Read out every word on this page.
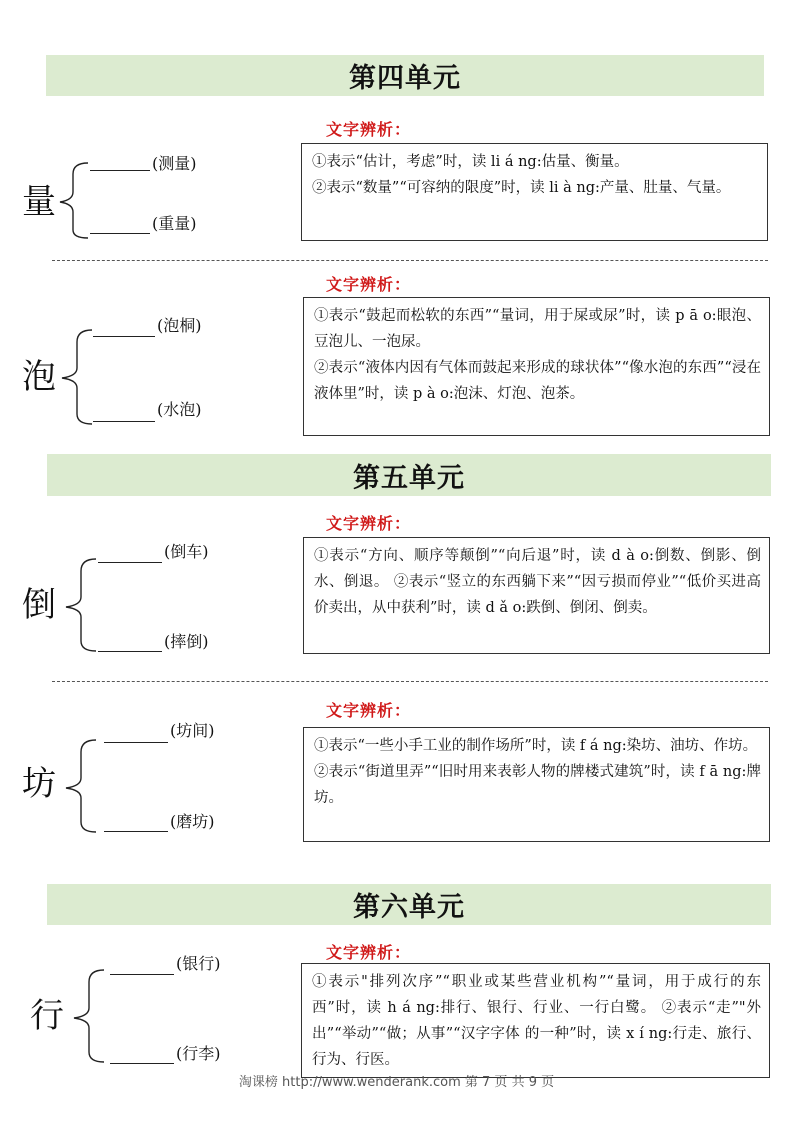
第四单元
第五单元
第六单元
文字辨析：
量
(测量)
(重量)

①表示“估计，考虑”时，读 li á ng:估量、衡量。

②表示“数量”“可容纳的限度”时，读 li à ng:产量、肚量、气量。

文字辨析：
泡
(泡桐)
(水泡)

①表示“鼓起而松软的东西”“量词，用于屎或尿”时，读 p ā o:眼泡、豆泡儿、一泡尿。

②表示“液体内因有气体而鼓起来形成的球状体”“像水泡的东西”“浸在液体里”时，读 p à o:泡沫、灯泡、泡茶。

文字辨析：
倒
(倒车)
(摔倒)

①表示“方向、顺序等颠倒”“向后退”时，读 d à o:倒数、倒影、倒水、倒退。 ②表示“竖立的东西躺下来”“因亏损而停业”“低价买进高价卖出，从中获利”时，读 d ǎ o:跌倒、倒闭、倒卖。

文字辨析：
坊
(坊间)
(磨坊)

①表示“一些小手工业的制作场所”时，读 f á ng:染坊、油坊、作坊。

②表示“街道里弄”“旧时用来表彰人物的牌楼式建筑”时，读 f ā ng:牌坊。

文字辨析：
行
(银行)
(行李)

①表示"排列次序”“职业或某些营业机构”“量词，用于成行的东西”时，读 h á ng:排行、银行、行业、一行白鹭。 ②表示“走”"外出”“举动”“做；从事”“汉字字体 的一种”时，读 x í ng:行走、旅行、行为、行医。

淘课榜 http://www.wenderank.com 第 7 页 共 9 页
